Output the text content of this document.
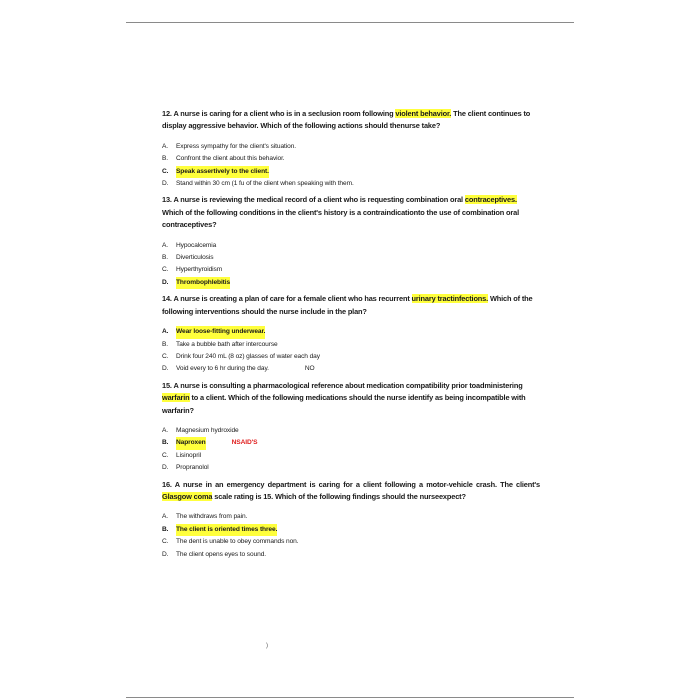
12. A nurse is caring for a client who is in a seclusion room following violent behavior. The client continues to display aggressive behavior. Which of the following actions should thenurse take?

A.	Express sympathy for the client's situation.
B.	Confront the client about this behavior.
C.	Speak assertively to the client.
D.	Stand within 30 cm (1 fu of the client when speaking with them.

13. A nurse is reviewing the medical record of a client who is requesting combination oral contraceptives. Which of the following conditions in the client's history is a contraindicationto the use of combination oral contraceptives?

A.	Hypocalcemia
B.	Diverticulosis
C.	Hyperthyroidism
D.	Thrombophlebitis

14. A nurse is creating a plan of care for a female client who has recurrent urinary tractinfections. Which of the following interventions should the nurse include in the plan?

A.	Wear loose-fitting underwear.
B.	Take a bubble bath after intercourse
C.	Drink four 240 mL (8 oz) glasses of water each day
D.	Void every to 6 hr during the day.	NO

15. A nurse is consulting a pharmacological reference about medication compatibility prior toadministering warfarin to a client. Which of the following medications should the nurse identify as being incompatible with warfarin?

A.	Magnesium hydroxide
B.	Naproxen	NSAID'S
C.	Lisinopril
D.	Propranolol

16. A nurse in an emergency department is caring for a client following a motor-vehicle crash. The client's Glasgow coma scale rating is 15. Which of the following findings should the nurseexpect?

A.	The withdraws from pain.
B.	The client is oriented times three.
C.	The dent is unable to obey commands non.
D.	The client opens eyes to sound.
)
